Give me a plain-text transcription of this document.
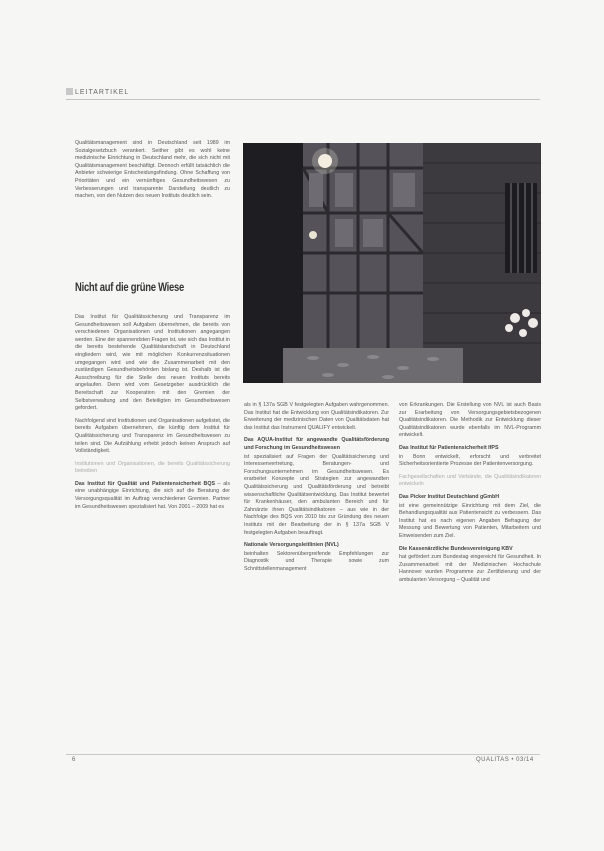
LEITARTIKEL

Qualitätsmanagement sind in Deutschland seit 1989 im Sozialgesetzbuch verankert. Seither gibt es wohl keine medizinische Einrichtung in Deutschland mehr, die sich nicht mit Qualitätsmanagement beschäftigt. Dennoch erfüllt tatsächlich die Anbieter schwierige Entscheidungsfindung. Ohne Schaffung von Prioritäten und ein vernünftiges Gesundheitswesen zu Verbesserungen und transparente Darstellung deutlich zu machen, von den Nutzen des neuen Instituts deutlich sein.

Nicht auf die grüne Wiese

Das Institut für Qualitätssicherung und Transparenz im Gesundheitswesen soll Aufgaben übernehmen, die bereits von verschiedenen Organisationen und Institutionen angegangen werden. Eine der spannendsten Fragen ist, wie sich das Institut in die bereits bestehende Qualitätslandschaft in Deutschland eingliedern wird, wie mit möglichen Konkurrenzsituationen umgegangen wird und wie die Zusammenarbeit mit den zuständigen Gesundheitsbehörden bislang ist. Deshalb ist die Ausschreibung für die Stelle des neuen Instituts bereits angelaufen. Denn wird vom Gesetzgeber ausdrücklich die Bereitschaft zur Kooperation mit den Gremien der Selbstverwaltung und den Beteiligten im Gesundheitswesen gefordert.

Nachfolgend sind Institutionen und Organisationen aufgelistet, die bereits Aufgaben übernehmen, die künftig dem Institut für Qualitätssicherung und Transparenz im Gesundheitswesen zu teilen sind. Die Aufzählung erhebt jedoch keinen Anspruch auf Vollständigkeit.

Institutionen und Organisationen, die bereits Qualitätssicherung betreiben

Das Institut für Qualität und Patientensicherheit BQS – als eine unabhängige Einrichtung, die sich auf die Beratung der Versorgungsqualität im Auftrag verschiedener Gremien. Partner im Gesundheitswesen spezialisiert hat. Von 2001 – 2009 hat es

als in § 137a SGB V festgelegten Aufgaben wahrgenommen. Das Institut hat die Entwicklung von Qualitätsindikatoren. Zur Erweiterung der medizinischen Daten von Qualitätsdaten hat das Institut das Instrument QUALIFY entwickelt.

Das AQUA-Institut für angewandte Qualitätsförderung und Forschung im Gesundheitswesen

ist spezialisiert auf Fragen der Qualitätssicherung und Interessenvertretung, Beratungen- und Forschungsunternehmen im Gesundheitswesen. Es erarbeitet Konzepte und Strategien zur angewandten Qualitätssicherung und Qualitätsförderung und betreibt wissenschaftliche Qualitätsentwicklung. Das Institut bewertet für Krankenhäuser, den ambulanten Bereich und für Zahnärzte ihren Qualitätsindikatoren – aus wie in der Nachfolge des BQS von 2010 bis zur Gründung des neuen Instituts mit der Bearbeitung der in § 137a SGB V festgelegten Aufgaben beauftragt.

Nationale Versorgungsleitlinien (NVL)

beinhalten Sektorenübergreifende Empfehlungen zur Diagnostik und Therapie sowie zum Schnittstellenmanagement

von Erkrankungen. Die Erstellung von NVL ist auch Basis zur Erarbeitung von Versorgungsgebietsbezogenen Qualitätsindikatoren. Die Methodik zur Entwicklung dieser Qualitätsindikatoren wurde ebenfalls im NVL-Programm entwickelt.

Das Institut für Patientensicherheit IfPS

in Bonn entwickelt, erforscht und verbreitet Sicherheitsorientierte Prozesse der Patientenversorgung.

Fachgesellschaften und Verbände, die Qualitätsindikatoren entwickeln

Das Picker Institut Deutschland gGmbH

ist eine gemeinnützige Einrichtung mit dem Ziel, die Behandlungsqualität aus Patientensicht zu verbessern. Das Institut hat es nach eigenen Angaben Befragung der Messung und Bewertung von Patienten, Mitarbeitern und Einweisenden zum Ziel.

Die Kassenärztliche Bundesvereinigung KBV

hat gefördert zum Bundestag eingereicht für Gesundheit. In Zusammenarbeit mit der Medizinischen Hochschule Hannover wurden Programme zur Zertifizierung und der ambulanten Versorgung – Qualität und

6	QUALITAS • 03/14
